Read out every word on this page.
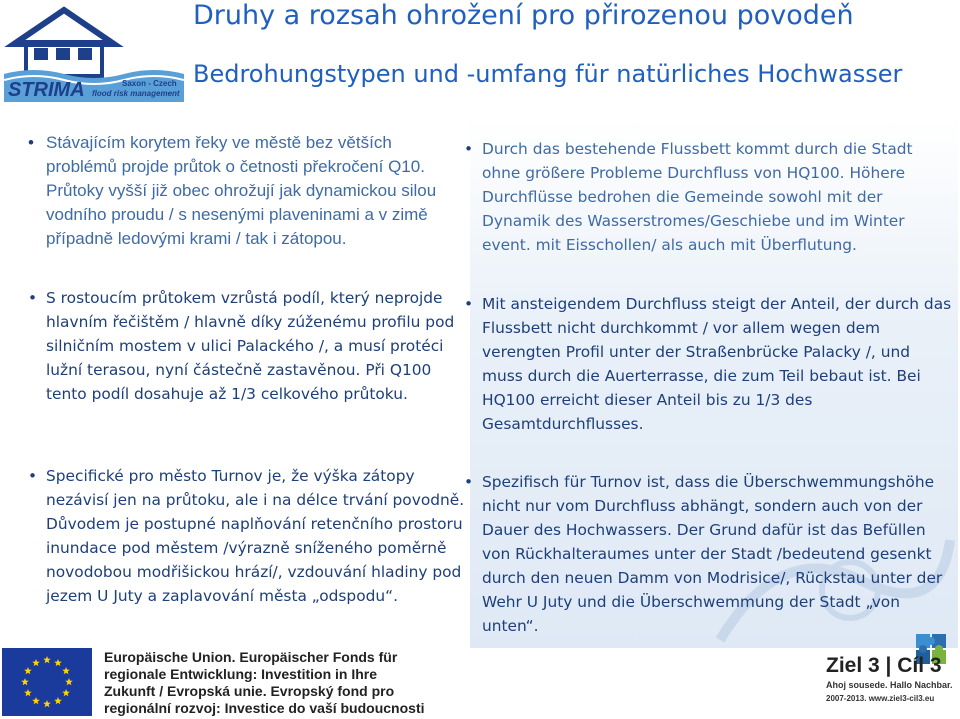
STRIMA	Saxon - Czech
flood risk management
Druhy a rozsah ohrožení pro přirozenou povodeň
Bedrohungstypen und -umfang für natürliches Hochwasser
• Stávajícím korytem řeky ve městě bez větších problémů projde průtok o četnosti překročení Q10. Průtoky vyšší již obec ohrožují jak dynamickou silou vodního proudu / s nesenými plaveninami a v zimě případně ledovými krami / tak i zátopou.
• Durch das bestehende Flussbett kommt durch die Stadt ohne größere Probleme Durchfluss von HQ100. Höhere Durchflüsse bedrohen die Gemeinde sowohl mit der Dynamik des Wasserstromes/Geschiebe und im Winter event. mit Eisschollen/ als auch mit Überflutung.
• S rostoucím průtokem vzrůstá podíl, který neprojde hlavním řečištěm / hlavně díky zúženému profilu pod silničním mostem v ulici Palackého /, a musí protéci lužní terasou, nyní částečně zastavěnou. Při Q100 tento podíl dosahuje až 1/3 celkového průtoku.
• Mit ansteigendem Durchfluss steigt der Anteil, der durch das Flussbett nicht durchkommt / vor allem wegen dem verengten Profil unter der Straßenbrücke Palacky /, und muss durch die Auerterrasse, die zum Teil bebaut ist. Bei HQ100 erreicht dieser Anteil bis zu 1/3 des Gesamtdurchflusses.
• Specifické pro město Turnov je, že výška zátopy nezávisí jen na průtoku, ale i na délce trvání povodně. Důvodem je postupné naplňování retenčního prostoru inundace pod městem /výrazně sníženého poměrně novodobou modřišickou hrází/, vzdouvání hladiny pod jezem U Juty a zaplavování města „odspodu“.
• Spezifisch für Turnov ist, dass die Überschwemmungshöhe nicht nur vom Durchfluss abhängt, sondern auch von der Dauer des Hochwassers. Der Grund dafür ist das Befüllen von Rückhalteraumes unter der Stadt /bedeutend gesenkt durch den neuen Damm von Modrisice/, Rückstau unter der Wehr U Juty und die Überschwemmung der Stadt „von unten“.
Europäische Union. Europäischer Fonds für
regionale Entwicklung: Investition in Ihre
Zukunft / Evropská unie. Evropský fond pro
regionální rozvoj: Investice do vaší budoucnosti
Ziel 3 | Cíl 3
Ahoj sousede. Hallo Nachbar.
2007-2013. www.ziel3-cil3.eu
